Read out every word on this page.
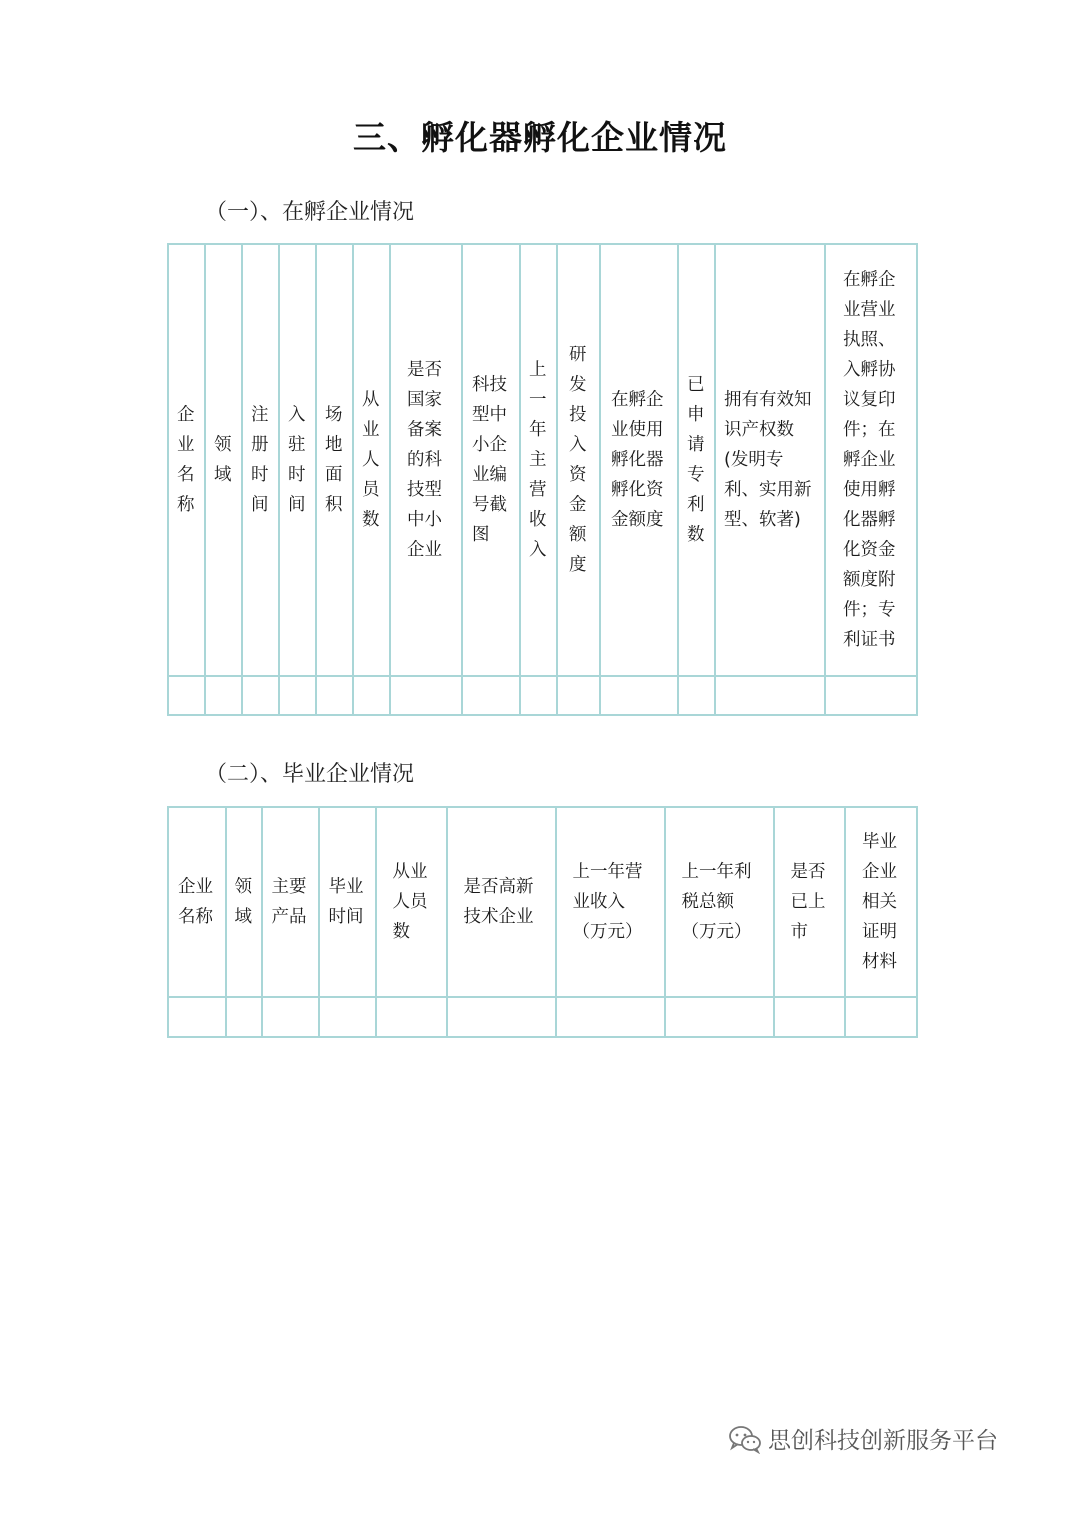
三、孵化器孵化企业情况
（一）、在孵企业情况
企业名称	领域	注册时间	入驻时间	场地面积	从业人员数	是否国家备案的科技型中小企业	科技型中小企业编号截图	上一年主营收入	研发投入资金额度	在孵企业使用孵化器孵化资金额度	已申请专利数	拥有有效知识产权数(发明专利、实用新型、软著)	在孵企业营业执照、入孵协议复印件；在孵企业使用孵化器孵化资金额度附件；专利证书

（二）、毕业企业情况
企业名称	领域	主要产品	毕业时间	从业人员数	是否高新技术企业	上一年营业收入（万元）	上一年利税总额（万元）	是否已上市	毕业企业相关证明材料

思创科技创新服务平台
